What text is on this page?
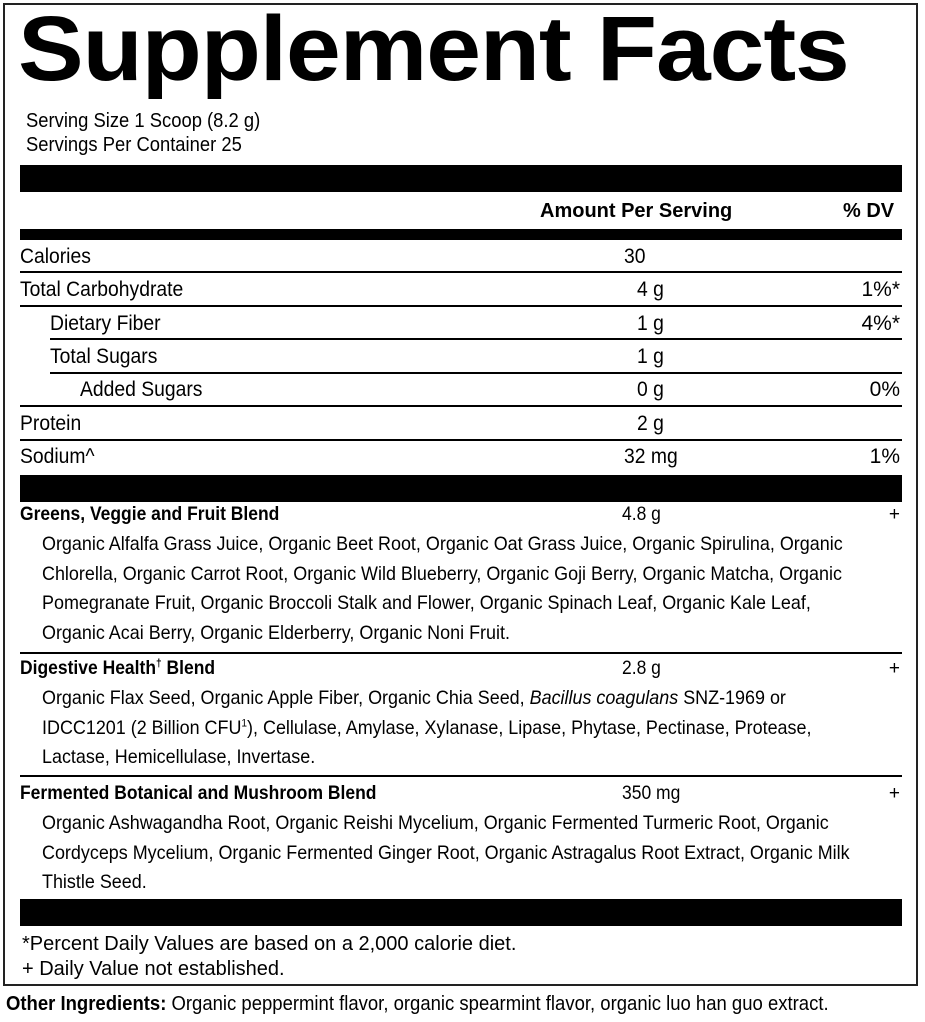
Supplement Facts
Serving Size 1 Scoop (8.2 g)
Servings Per Container 25
Amount Per Serving	% DV
Calories	30
Total Carbohydrate	4 g	1%*
Dietary Fiber	1 g	4%*
Total Sugars	1 g
Added Sugars	0 g	0%
Protein	2 g
Sodium^	32 mg	1%
Greens, Veggie and Fruit Blend	4.8 g	+
Organic Alfalfa Grass Juice, Organic Beet Root, Organic Oat Grass Juice, Organic Spirulina, Organic Chlorella, Organic Carrot Root, Organic Wild Blueberry, Organic Goji Berry, Organic Matcha, Organic Pomegranate Fruit, Organic Broccoli Stalk and Flower, Organic Spinach Leaf, Organic Kale Leaf, Organic Acai Berry, Organic Elderberry, Organic Noni Fruit.
Digestive Health† Blend	2.8 g	+
Organic Flax Seed, Organic Apple Fiber, Organic Chia Seed, Bacillus coagulans SNZ-1969 or IDCC1201 (2 Billion CFU$^1$), Cellulase, Amylase, Xylanase, Lipase, Phytase, Pectinase, Protease, Lactase, Hemicellulase, Invertase.
Fermented Botanical and Mushroom Blend	350 mg	+
Organic Ashwagandha Root, Organic Reishi Mycelium, Organic Fermented Turmeric Root, Organic Cordyceps Mycelium, Organic Fermented Ginger Root, Organic Astragalus Root Extract, Organic Milk Thistle Seed.
*Percent Daily Values are based on a 2,000 calorie diet.
+ Daily Value not established.
Other Ingredients: Organic peppermint flavor, organic spearmint flavor, organic luo han guo extract.
